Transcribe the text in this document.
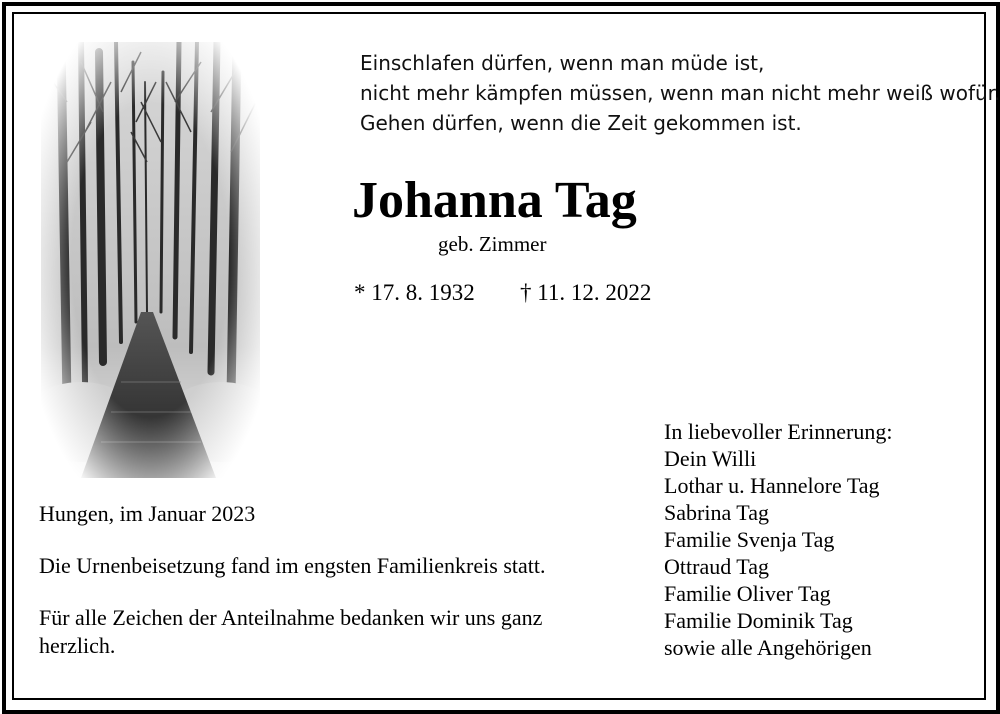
Einschlafen dürfen, wenn man müde ist,
nicht mehr kämpfen müssen, wenn man nicht mehr weiß wofür.
Gehen dürfen, wenn die Zeit gekommen ist.
Johanna Tag
geb. Zimmer
* 17. 8. 1932 † 11. 12. 2022

Hungen, im Januar 2023

Die Urnenbeisetzung fand im engsten Familienkreis statt.

Für alle Zeichen der Anteilnahme bedanken wir uns ganz herzlich.

In liebevoller Erinnerung:
Dein Willi
Lothar u. Hannelore Tag
Sabrina Tag
Familie Svenja Tag
Ottraud Tag
Familie Oliver Tag
Familie Dominik Tag
sowie alle Angehörigen
